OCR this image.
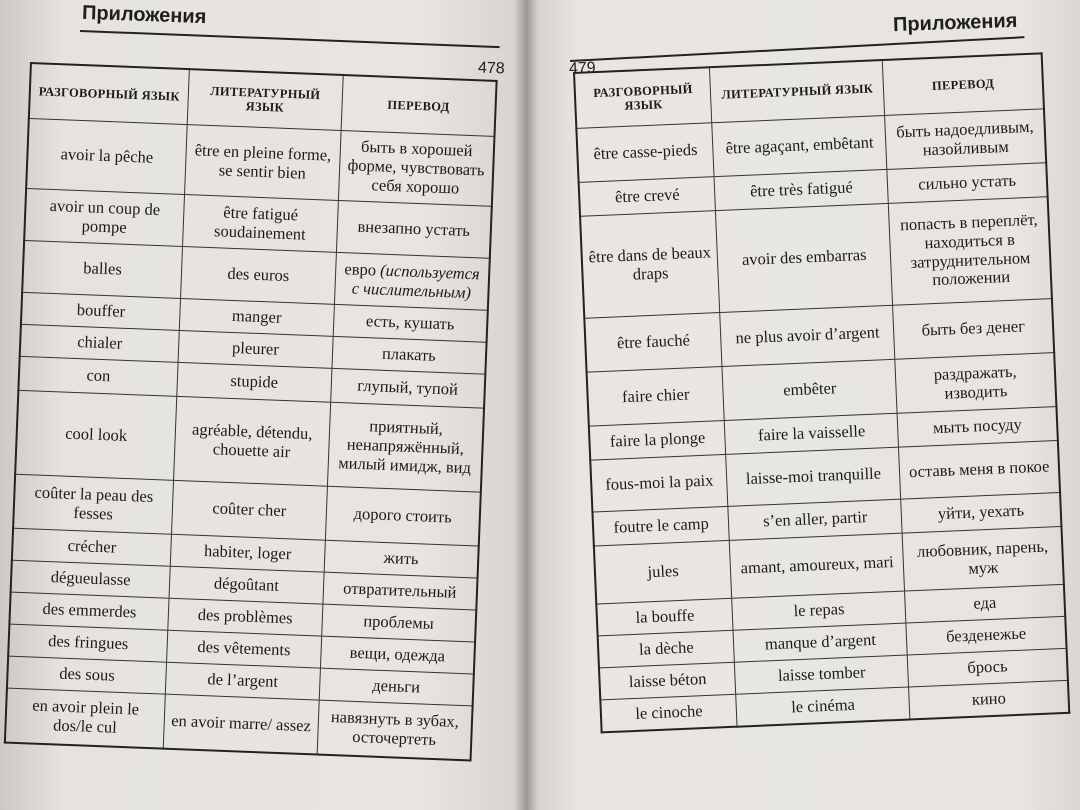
Приложения
478
РАЗГОВОРНЫЙ ЯЗЫК	ЛИТЕРАТУРНЫЙ ЯЗЫК	ПЕРЕВОД
avoir la pêche	être en pleine forme, se sentir bien	быть в хорошей форме, чувствовать себя хорошо
avoir un coup de pompe	être fatigué soudainement	внезапно устать
balles	des euros	евро (используется с числительным)
bouffer	manger	есть, кушать
chialer	pleurer	плакать
con	stupide	глупый, тупой
cool look	agréable, détendu, chouette air	приятный, ненапряжённый, милый имидж, вид
coûter la peau des fesses	coûter cher	дорого стоить
crécher	habiter, loger	жить
dégueulasse	dégoûtant	отвратительный
des emmerdes	des problèmes	проблемы
des fringues	des vêtements	вещи, одежда
des sous	de l’argent	деньги
en avoir plein le dos/le cul	en avoir marre/ assez	навязнуть в зубах, осточертеть
Приложения
479
РАЗГОВОРНЫЙ ЯЗЫК	ЛИТЕРАТУРНЫЙ ЯЗЫК	ПЕРЕВОД
être casse-pieds	être agaçant, embêtant	быть надоедливым, назойливым
être crevé	être très fatigué	сильно устать
être dans de beaux draps	avoir des embarras	попасть в переплёт, находиться в затруднительном положении
être fauché	ne plus avoir d’argent	быть без денег
faire chier	embêter	раздражать, изводить
faire la plonge	faire la vaisselle	мыть посуду
fous-moi la paix	laisse-moi tranquille	оставь меня в покое
foutre le camp	s’en aller, partir	уйти, уехать
jules	amant, amoureux, mari	любовник, парень, муж
la bouffe	le repas	еда
la dèche	manque d’argent	безденежье
laisse béton	laisse tomber	брось
le cinoche	le cinéma	кино
